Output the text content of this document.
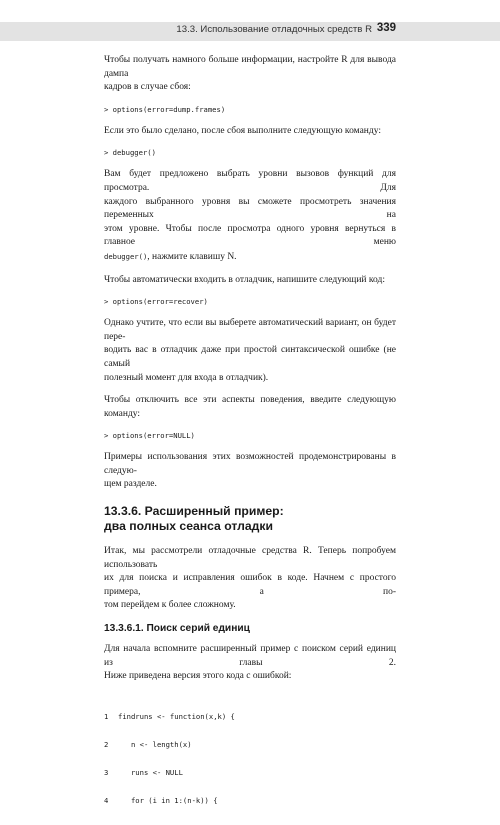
13.3. Использование отладочных средств R 339

Чтобы получать намного больше информации, настройте R для вывода дампа
кадров в случае сбоя:

> options(error=dump.frames)

Если это было сделано, после сбоя выполните следующую команду:

> debugger()

Вам будет предложено выбрать уровни вызовов функций для просмотра. Для
каждого выбранного уровня вы сможете просмотреть значения переменных на
этом уровне. Чтобы после просмотра одного уровня вернуться в главное меню
debugger(), нажмите клавишу N.

Чтобы автоматически входить в отладчик, напишите следующий код:

> options(error=recover)

Однако учтите, что если вы выберете автоматический вариант, он будет пере-
водить вас в отладчик даже при простой синтаксической ошибке (не самый
полезный момент для входа в отладчик).

Чтобы отключить все эти аспекты поведения, введите следующую команду:

> options(error=NULL)

Примеры использования этих возможностей продемонстрированы в следую-
щем разделе.

13.3.6. Расширенный пример:
два полных сеанса отладки

Итак, мы рассмотрели отладочные средства R. Теперь попробуем использовать
их для поиска и исправления ошибок в коде. Начнем с простого примера, а по-
том перейдем к более сложному.

13.3.6.1. Поиск серий единиц

Для начала вспомните расширенный пример с поиском серий единиц из главы 2.
Ниже приведена версия этого кода с ошибкой:

1 findruns <- function(x,k) {

2   n <- length(x)

3   runs <- NULL

4   for (i in 1:(n-k)) {
